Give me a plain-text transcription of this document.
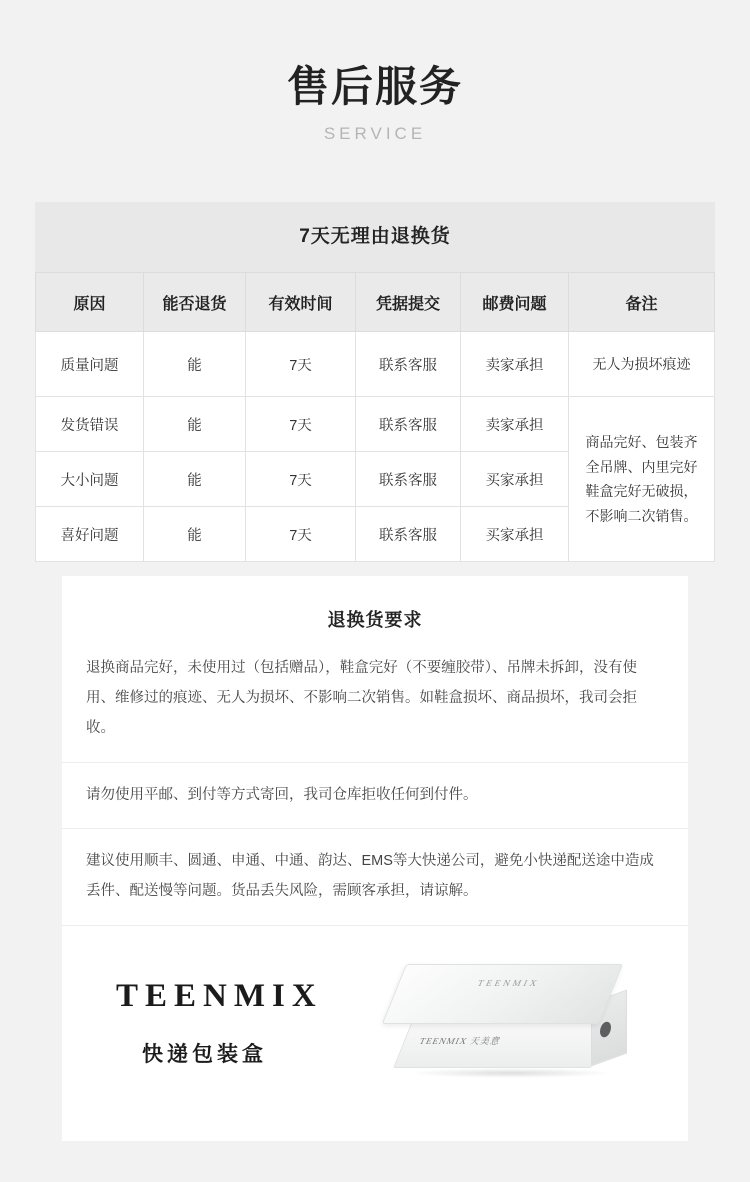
售后服务
SERVICE
7天无理由退换货
原因	能否退货	有效时间	凭据提交	邮费问题	备注
质量问题	能	7天	联系客服	卖家承担	无人为损坏痕迹
发货错误	能	7天	联系客服	卖家承担	商品完好、包装齐全吊牌、内里完好鞋盒完好无破损，不影响二次销售。
大小问题	能	7天	联系客服	买家承担	
喜好问题	能	7天	联系客服	买家承担	
退换货要求
退换商品完好，未使用过（包括赠品），鞋盒完好（不要缠胶带）、吊牌未拆卸，没有使用、维修过的痕迹、无人为损坏、不影响二次销售。如鞋盒损坏、商品损坏，我司会拒收。
请勿使用平邮、到付等方式寄回，我司仓库拒收任何到付件。
建议使用顺丰、圆通、申通、中通、韵达、EMS等大快递公司，避免小快递配送途中造成丢件、配送慢等问题。货品丢失风险，需顾客承担，请谅解。
TEENMIX
快递包装盒
TEENMIX
TEENMIX 天美意
